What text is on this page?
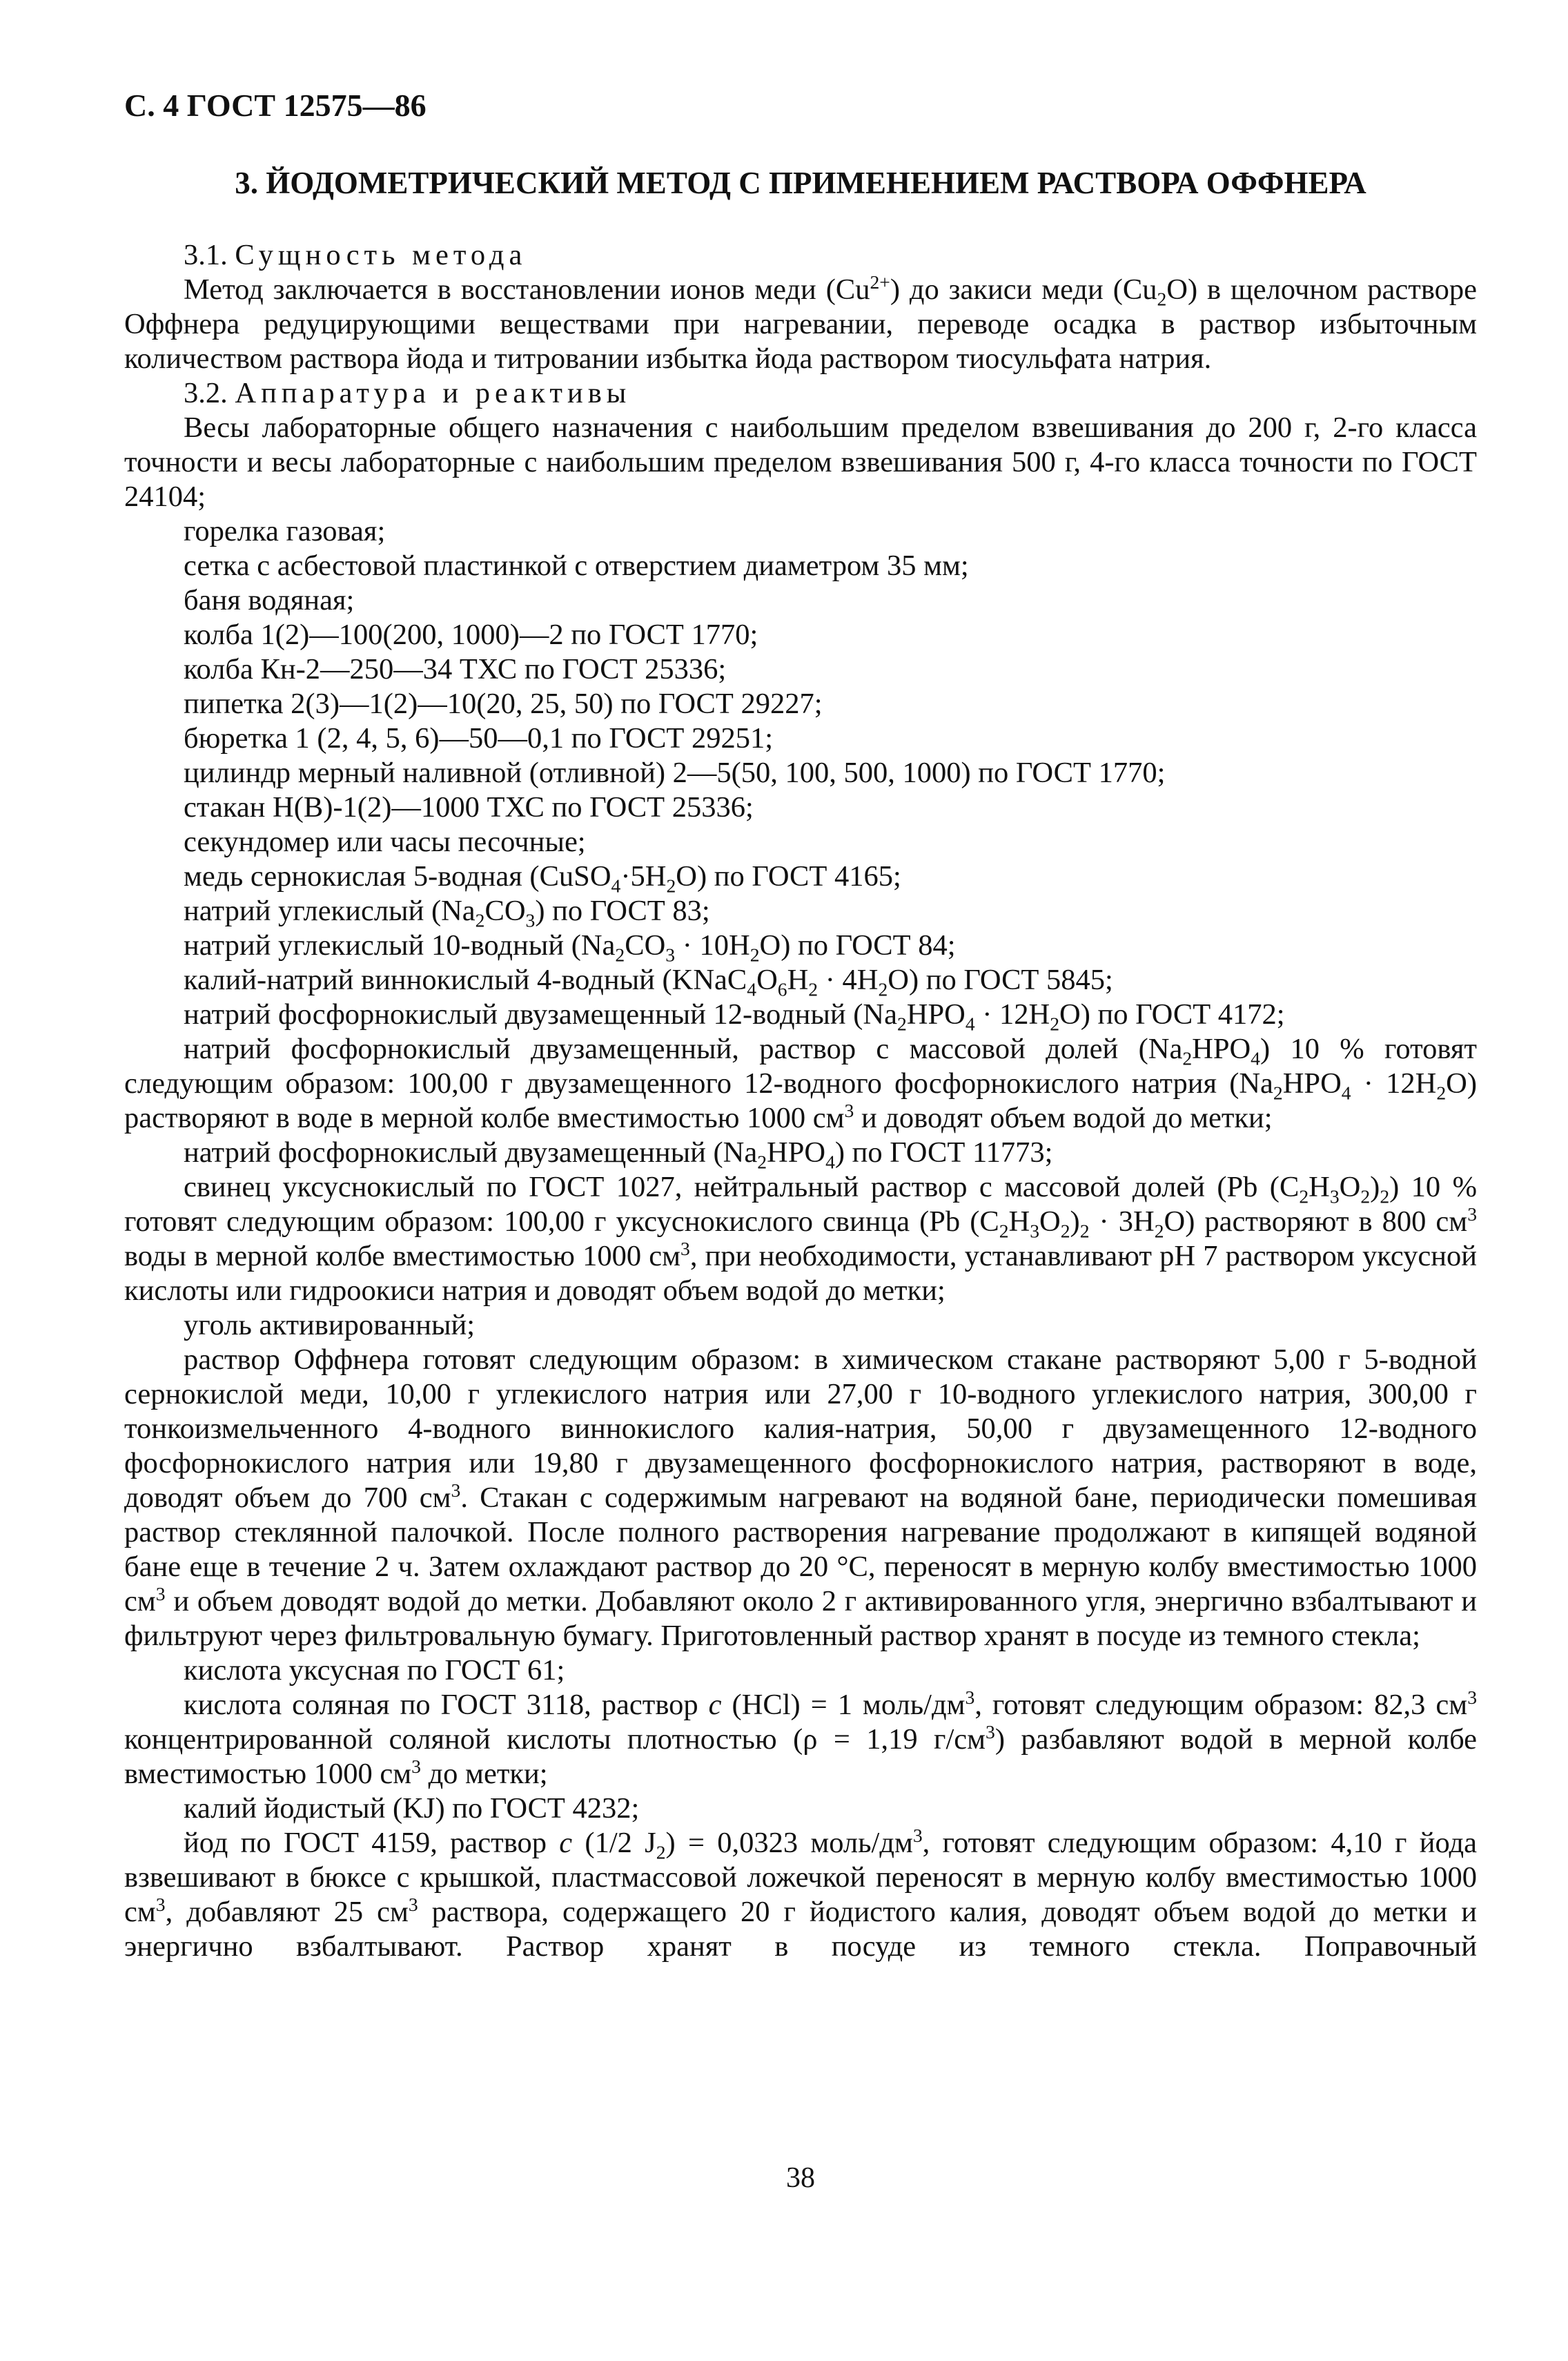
С. 4 ГОСТ 12575—86

3. ЙОДОМЕТРИЧЕСКИЙ МЕТОД С ПРИМЕНЕНИЕМ РАСТВОРА ОФФНЕРА

3.1. Сущность метода

Метод заключается в восстановлении ионов меди $(Cu^{2+})$ до закиси меди $(Cu_2O)$ в щелочном растворе Оффнера редуцирующими веществами при нагревании, переводе осадка в раствор избыточным количеством раствора йода и титровании избытка йода раствором тиосульфата натрия.

3.2. Аппаратура и реактивы

Весы лабораторные общего назначения с наибольшим пределом взвешивания до 200 г, 2-го класса точности и весы лабораторные с наибольшим пределом взвешивания 500 г, 4-го класса точности по ГОСТ 24104;

горелка газовая;

сетка с асбестовой пластинкой с отверстием диаметром 35 мм;

баня водяная;

колба 1(2)—100(200, 1000)—2 по ГОСТ 1770;

колба Кн-2—250—34 ТХС по ГОСТ 25336;

пипетка 2(3)—1(2)—10(20, 25, 50) по ГОСТ 29227;

бюретка 1 (2, 4, 5, 6)—50—0,1 по ГОСТ 29251;

цилиндр мерный наливной (отливной) 2—5(50, 100, 500, 1000) по ГОСТ 1770;

стакан Н(В)-1(2)—1000 ТХС по ГОСТ 25336;

секундомер или часы песочные;

медь сернокислая 5-водная $(CuSO_4\cdot 5H_2O)$ по ГОСТ 4165;

натрий углекислый $(Na_2CO_3)$ по ГОСТ 83;

натрий углекислый 10-водный $(Na_2CO_3 \cdot 10H_2O)$ по ГОСТ 84;

калий-натрий виннокислый 4-водный $(KNaC_4O_6H_2 \cdot 4H_2O)$ по ГОСТ 5845;

натрий фосфорнокислый двузамещенный 12-водный $(Na_2HPO_4 \cdot 12H_2O)$ по ГОСТ 4172;

натрий фосфорнокислый двузамещенный, раствор с массовой долей $(Na_2HPO_4)$ 10 % готовят следующим образом: 100,00 г двузамещенного 12-водного фосфорнокислого натрия $(Na_2HPO_4 \cdot 12H_2O)$ растворяют в воде в мерной колбе вместимостью 1000 $см^3$ и доводят объем водой до метки;

натрий фосфорнокислый двузамещенный $(Na_2HPO_4)$ по ГОСТ 11773;

свинец уксуснокислый по ГОСТ 1027, нейтральный раствор с массовой долей (Pb $(C_2H_3O_2)_2$) 10 % готовят следующим образом: 100,00 г уксуснокислого свинца (Pb $(C_2H_3O_2)_2 \cdot 3H_2O$) растворяют в 800 $см^3$ воды в мерной колбе вместимостью 1000 $см^3$, при необходимости, устанавливают pH 7 раствором уксусной кислоты или гидроокиси натрия и доводят объем водой до метки;

уголь активированный;

раствор Оффнера готовят следующим образом: в химическом стакане растворяют 5,00 г 5-водной сернокислой меди, 10,00 г углекислого натрия или 27,00 г 10-водного углекислого натрия, 300,00 г тонкоизмельченного 4-водного виннокислого калия-натрия, 50,00 г двузамещенного 12-водного фосфорнокислого натрия или 19,80 г двузамещенного фосфорнокислого натрия, растворяют в воде, доводят объем до 700 $см^3$. Стакан с содержимым нагревают на водяной бане, периодически помешивая раствор стеклянной палочкой. После полного растворения нагревание продолжают в кипящей водяной бане еще в течение 2 ч. Затем охлаждают раствор до 20 °С, переносят в мерную колбу вместимостью 1000 $см^3$ и объем доводят водой до метки. Добавляют около 2 г активированного угля, энергично взбалтывают и фильтруют через фильтровальную бумагу. Приготовленный раствор хранят в посуде из темного стекла;

кислота уксусная по ГОСТ 61;

кислота соляная по ГОСТ 3118, раствор c (HCl) = 1 моль/$дм^3$, готовят следующим образом: 82,3 $см^3$ концентрированной соляной кислоты плотностью (ρ = 1,19 $г/см^3$) разбавляют водой в мерной колбе вместимостью 1000 $см^3$ до метки;

калий йодистый (KJ) по ГОСТ 4232;

йод по ГОСТ 4159, раствор c (1/2 $J_2) = 0,0323$ моль/$дм^3$, готовят следующим образом: 4,10 г йода взвешивают в бюксе с крышкой, пластмассовой ложечкой переносят в мерную колбу вместимостью 1000 $см^3$, добавляют 25 $см^3$ раствора, содержащего 20 г йодистого калия, доводят объем водой до метки и энергично взбалтывают. Раствор хранят в посуде из темного стекла. Поправочный

38
